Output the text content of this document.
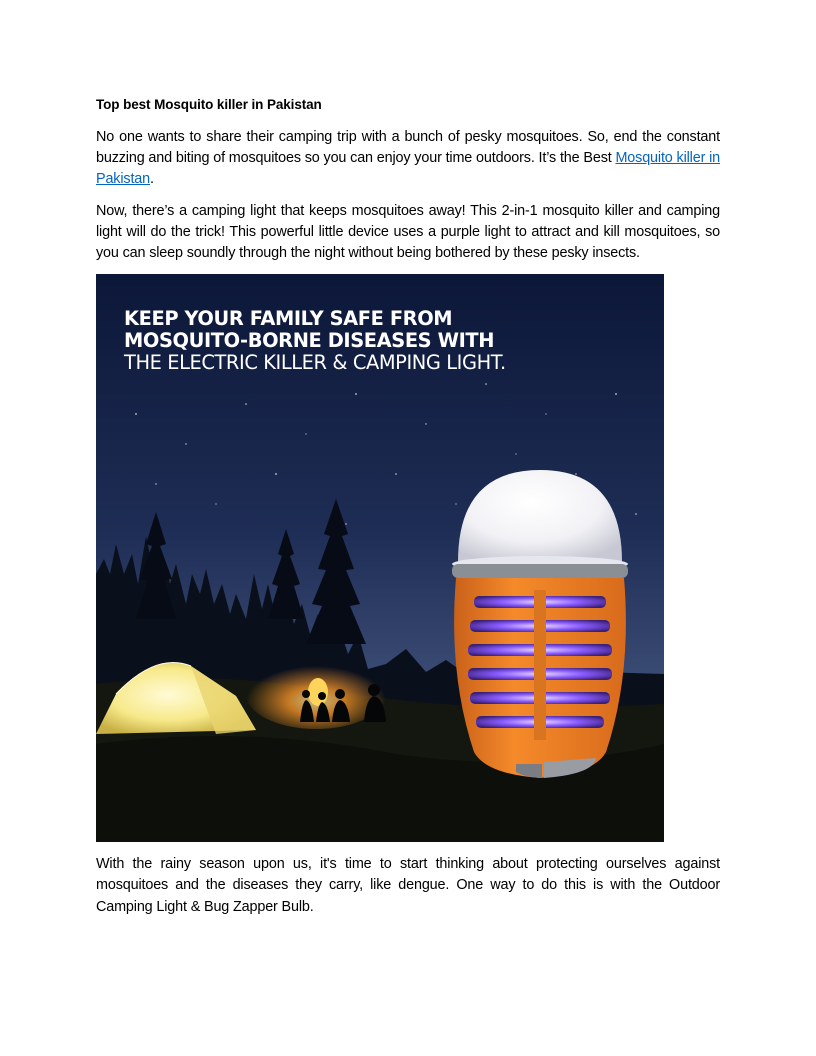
Top best Mosquito killer in Pakistan

No one wants to share their camping trip with a bunch of pesky mosquitoes. So, end the constant buzzing and biting of mosquitoes so you can enjoy your time outdoors. It’s the Best Mosquito killer in Pakistan.

Now, there’s a camping light that keeps mosquitoes away! This 2-in-1 mosquito killer and camping light will do the trick! This powerful little device uses a purple light to attract and kill mosquitoes, so you can sleep soundly through the night without being bothered by these pesky insects.

KEEP YOUR FAMILY SAFE FROM
MOSQUITO-BORNE DISEASES WITH
THE ELECTRIC KILLER & CAMPING LIGHT.

With the rainy season upon us, it's time to start thinking about protecting ourselves against mosquitoes and the diseases they carry, like dengue. One way to do this is with the Outdoor Camping Light & Bug Zapper Bulb.
